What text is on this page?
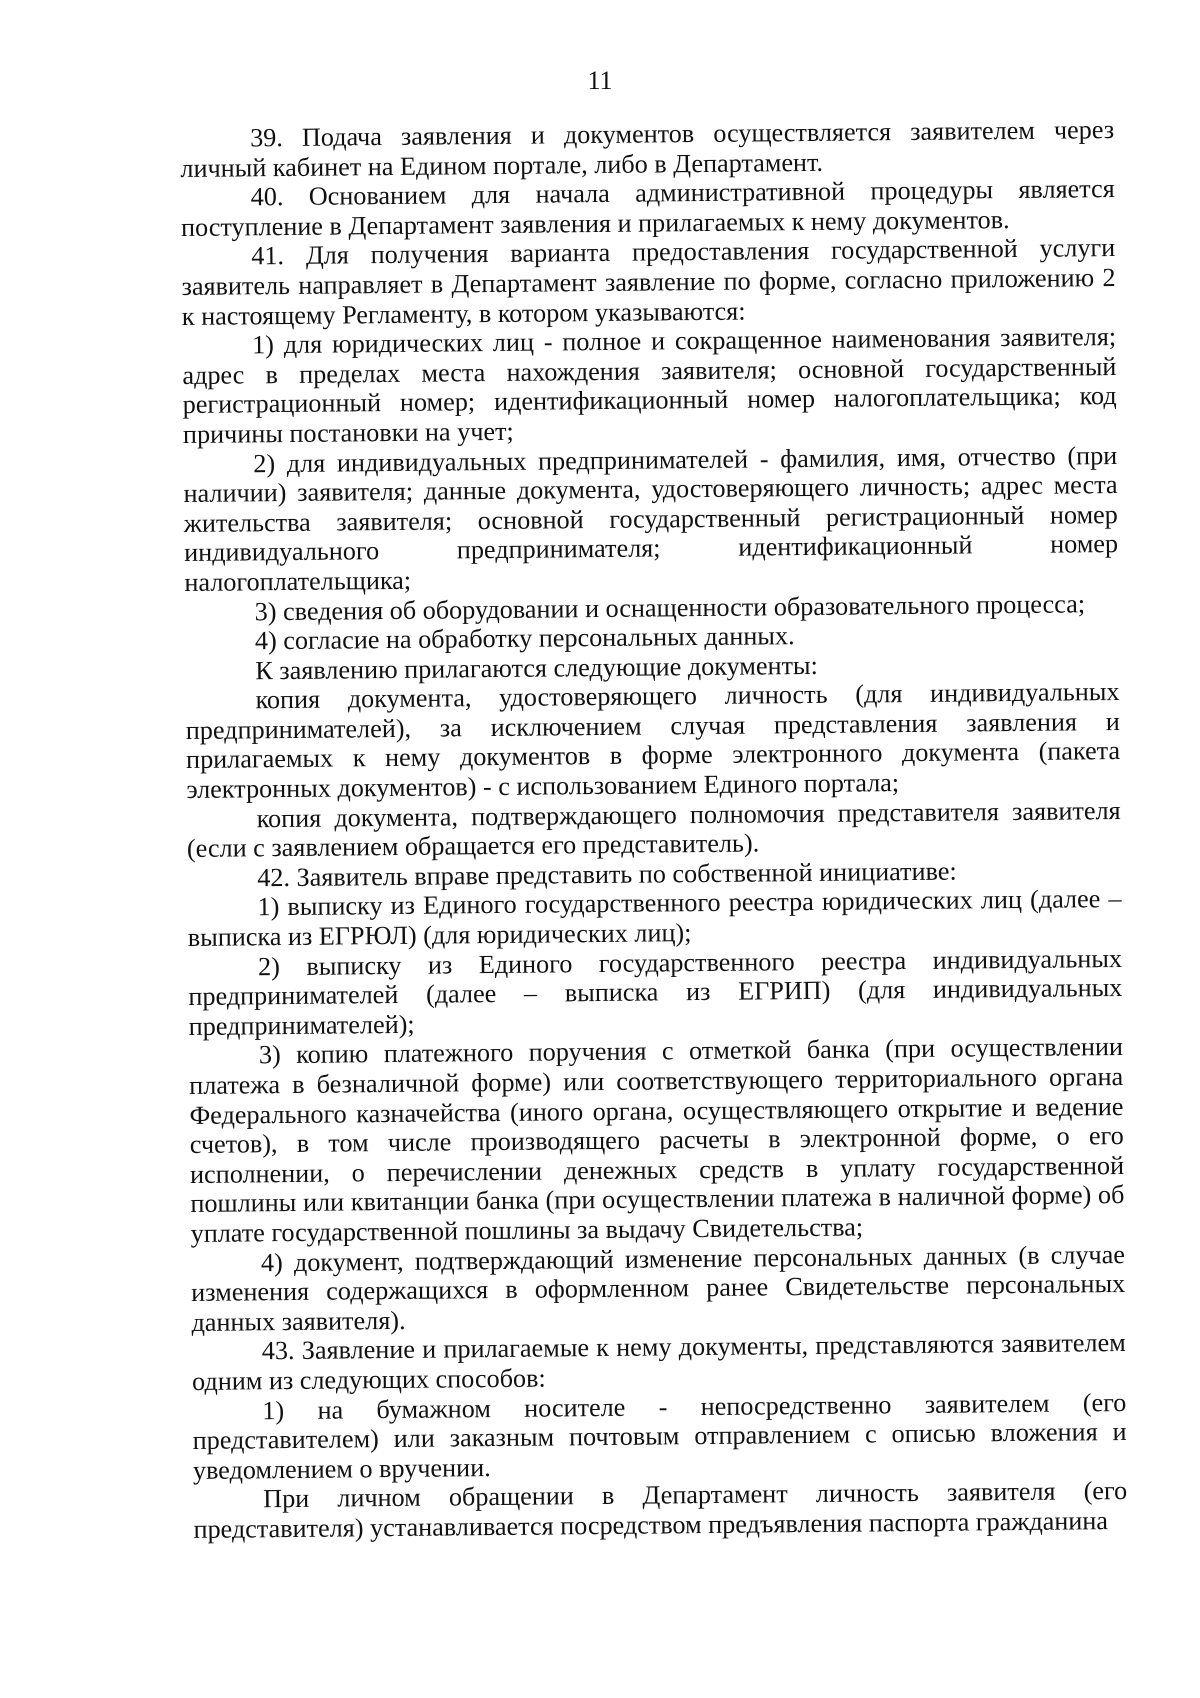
11

39. Подача заявления и документов осуществляется заявителем через личный кабинет на Едином портале, либо в Департамент.

40. Основанием для начала административной процедуры является поступление в Департамент заявления и прилагаемых к нему документов.

41. Для получения варианта предоставления государственной услуги заявитель направляет в Департамент заявление по форме, согласно приложению 2 к настоящему Регламенту, в котором указываются:

1) для юридических лиц - полное и сокращенное наименования заявителя; адрес в пределах места нахождения заявителя; основной государственный регистрационный номер; идентификационный номер налогоплательщика; код причины постановки на учет;

2) для индивидуальных предпринимателей - фамилия, имя, отчество (при наличии) заявителя; данные документа, удостоверяющего личность; адрес места жительства заявителя; основной государственный регистрационный номер индивидуального предпринимателя; идентификационный номер налогоплательщика;

3) сведения об оборудовании и оснащенности образовательного процесса;

4) согласие на обработку персональных данных.

К заявлению прилагаются следующие документы:

копия документа, удостоверяющего личность (для индивидуальных предпринимателей), за исключением случая представления заявления и прилагаемых к нему документов в форме электронного документа (пакета электронных документов) - с использованием Единого портала;

копия документа, подтверждающего полномочия представителя заявителя (если с заявлением обращается его представитель).

42. Заявитель вправе представить по собственной инициативе:

1) выписку из Единого государственного реестра юридических лиц (далее – выписка из ЕГРЮЛ) (для юридических лиц);

2) выписку из Единого государственного реестра индивидуальных предпринимателей (далее – выписка из ЕГРИП) (для индивидуальных предпринимателей);

3) копию платежного поручения с отметкой банка (при осуществлении платежа в безналичной форме) или соответствующего территориального органа Федерального казначейства (иного органа, осуществляющего открытие и ведение счетов), в том числе производящего расчеты в электронной форме, о его исполнении, о перечислении денежных средств в уплату государственной пошлины или квитанции банка (при осуществлении платежа в наличной форме) об уплате государственной пошлины за выдачу Свидетельства;

4) документ, подтверждающий изменение персональных данных (в случае изменения содержащихся в оформленном ранее Свидетельстве персональных данных заявителя).

43. Заявление и прилагаемые к нему документы, представляются заявителем одним из следующих способов:

1) на бумажном носителе - непосредственно заявителем (его представителем) или заказным почтовым отправлением с описью вложения и уведомлением о вручении.

При личном обращении в Департамент личность заявителя (его представителя) устанавливается посредством предъявления паспорта гражданина
